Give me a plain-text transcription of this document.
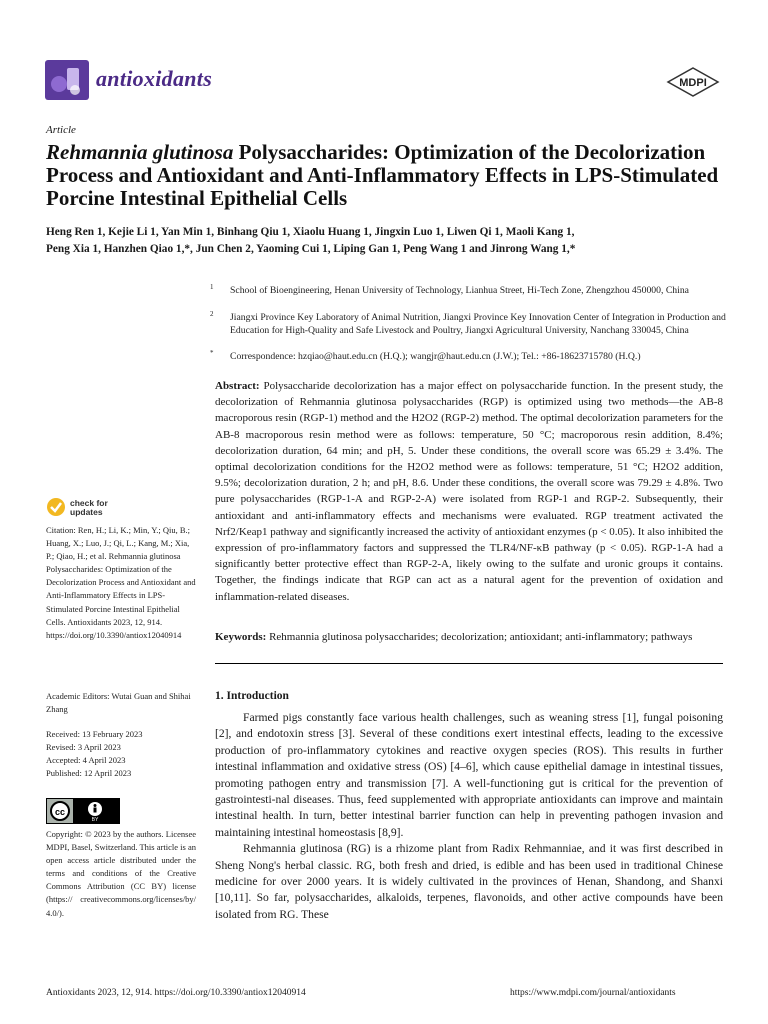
antioxidants	MDPI
Article
Rehmannia glutinosa Polysaccharides: Optimization of the Decolorization Process and Antioxidant and Anti-Inflammatory Effects in LPS-Stimulated Porcine Intestinal Epithelial Cells
Heng Ren 1, Kejie Li 1, Yan Min 1, Binhang Qiu 1, Xiaolu Huang 1, Jingxin Luo 1, Liwen Qi 1, Maoli Kang 1,
Peng Xia 1, Hanzhen Qiao 1,*, Jun Chen 2, Yaoming Cui 1, Liping Gan 1, Peng Wang 1 and Jinrong Wang 1,*
1 School of Bioengineering, Henan University of Technology, Lianhua Street, Hi-Tech Zone, Zhengzhou 450000, China
2 Jiangxi Province Key Laboratory of Animal Nutrition, Jiangxi Province Key Innovation Center of Integration in Production and Education for High-Quality and Safe Livestock and Poultry, Jiangxi Agricultural University, Nanchang 330045, China
* Correspondence: hzqiao@haut.edu.cn (H.Q.); wangjr@haut.edu.cn (J.W.); Tel.: +86-18623715780 (H.Q.)
Abstract: Polysaccharide decolorization has a major effect on polysaccharide function. In the present study, the decolorization of Rehmannia glutinosa polysaccharides (RGP) is optimized using two methods—the AB-8 macroporous resin (RGP-1) method and the H2O2 (RGP-2) method. The optimal decolorization parameters for the AB-8 macroporous resin method were as follows: temperature, 50 °C; macroporous resin addition, 8.4%; decolorization duration, 64 min; and pH, 5. Under these conditions, the overall score was 65.29 ± 3.4%. The optimal decolorization conditions for the H2O2 method were as follows: temperature, 51 °C; H2O2 addition, 9.5%; decolorization duration, 2 h; and pH, 8.6. Under these conditions, the overall score was 79.29 ± 4.8%. Two pure polysaccharides (RGP-1-A and RGP-2-A) were isolated from RGP-1 and RGP-2. Subsequently, their antioxidant and anti-inflammatory effects and mechanisms were evaluated. RGP treatment activated the Nrf2/Keap1 pathway and significantly increased the activity of antioxidant enzymes (p < 0.05). It also inhibited the expression of pro-inflammatory factors and suppressed the TLR4/NF-κB pathway (p < 0.05). RGP-1-A had a significantly better protective effect than RGP-2-A, likely owing to the sulfate and uronic groups it contains. Together, the findings indicate that RGP can act as a natural agent for the prevention of oxidation and inflammation-related diseases.
Keywords: Rehmannia glutinosa polysaccharides; decolorization; antioxidant; anti-inflammatory; pathways
1. Introduction

Farmed pigs constantly face various health challenges, such as weaning stress [1], fungal poisoning [2], and endotoxin stress [3]. Several of these conditions exert intestinal effects, leading to the excessive production of pro-inflammatory cytokines and reactive oxygen species (ROS). This results in further intestinal inflammation and oxidative stress (OS) [4–6], which cause epithelial damage in intestinal tissues, promoting pathogen entry and transmission [7]. A well-functioning gut is critical for the prevention of gastrointesti-nal diseases. Thus, feed supplemented with appropriate antioxidants can improve and maintain intestinal health. In turn, better intestinal barrier function can help in preventing pathogen invasion and maintaining intestinal homeostasis [8,9].

Rehmannia glutinosa (RG) is a rhizome plant from Radix Rehmanniae, and it was first described in Sheng Nong's herbal classic. RG, both fresh and dried, is edible and has been used in traditional Chinese medicine for over 2000 years. It is widely cultivated in the provinces of Henan, Shandong, and Shanxi [10,11]. So far, polysaccharides, alkaloids, terpenes, flavonoids, and other active compounds have been isolated from RG. These

check for updates
Citation: Ren, H.; Li, K.; Min, Y.; Qiu, B.; Huang, X.; Luo, J.; Qi, L.; Kang, M.; Xia, P.; Qiao, H.; et al. Rehmannia glutinosa Polysaccharides: Optimization of the Decolorization Process and Antioxidant and Anti-Inflammatory Effects in LPS-Stimulated Porcine Intestinal Epithelial Cells. Antioxidants 2023, 12, 914. https://doi.org/10.3390/antiox12040914
Academic Editors: Wutai Guan and Shihai Zhang
Received: 13 February 2023
Revised: 3 April 2023
Accepted: 4 April 2023
Published: 12 April 2023
cc
BY
Copyright: © 2023 by the authors. Licensee MDPI, Basel, Switzerland. This article is an open access article distributed under the terms and conditions of the Creative Commons Attribution (CC BY) license (https:// creativecommons.org/licenses/by/ 4.0/).
Antioxidants 2023, 12, 914. https://doi.org/10.3390/antiox12040914	https://www.mdpi.com/journal/antioxidants
